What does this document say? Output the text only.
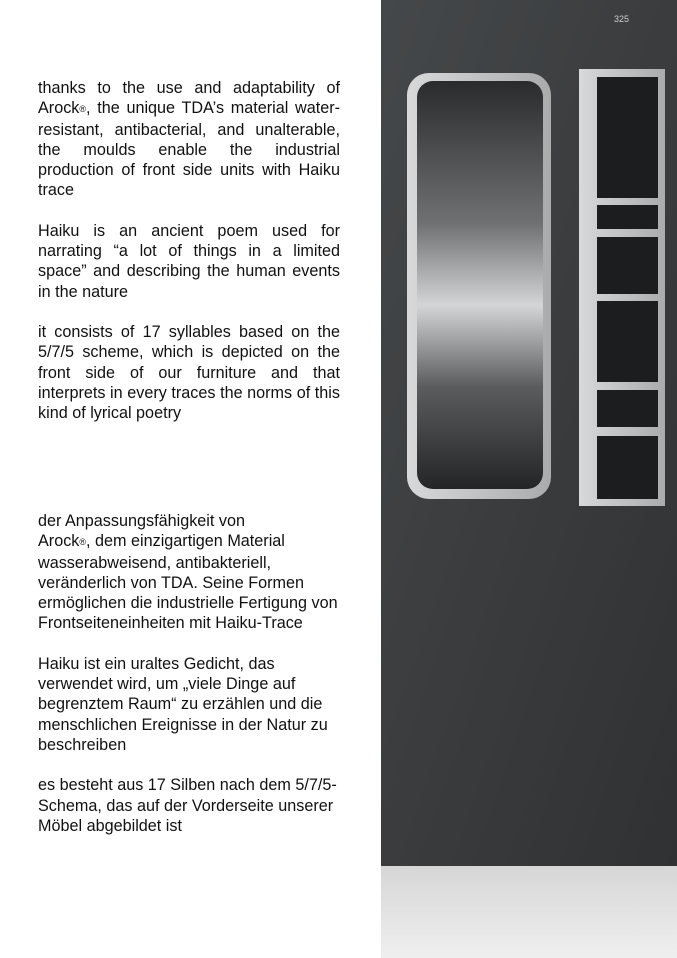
thanks to the use and adaptability of Arock®, the unique TDA’s material water-resistant, antibacterial, and unalterable, the moulds enable the industrial production of front side units with Haiku trace

Haiku is an ancient poem used for narrating “a lot of things in a limited space” and describing the human events in the nature

it consists of 17 syllables based on the 5/7/5 scheme, which is depicted on the front side of our furniture and that interprets in every traces the norms of this kind of lyrical poetry

der Anpassungsfähigkeit von
Arock®, dem einzigartigen Material wasserabweisend, antibakteriell, veränderlich von TDA. Seine Formen ermöglichen die industrielle Fertigung von Frontseiteneinheiten mit Haiku-Trace

Haiku ist ein uraltes Gedicht, das verwendet wird, um „viele Dinge auf begrenztem Raum“ zu erzählen und die menschlichen Ereignisse in der Natur zu beschreiben

es besteht aus 17 Silben nach dem 5/7/5-Schema, das auf der Vorderseite unserer Möbel abgebildet ist

325
